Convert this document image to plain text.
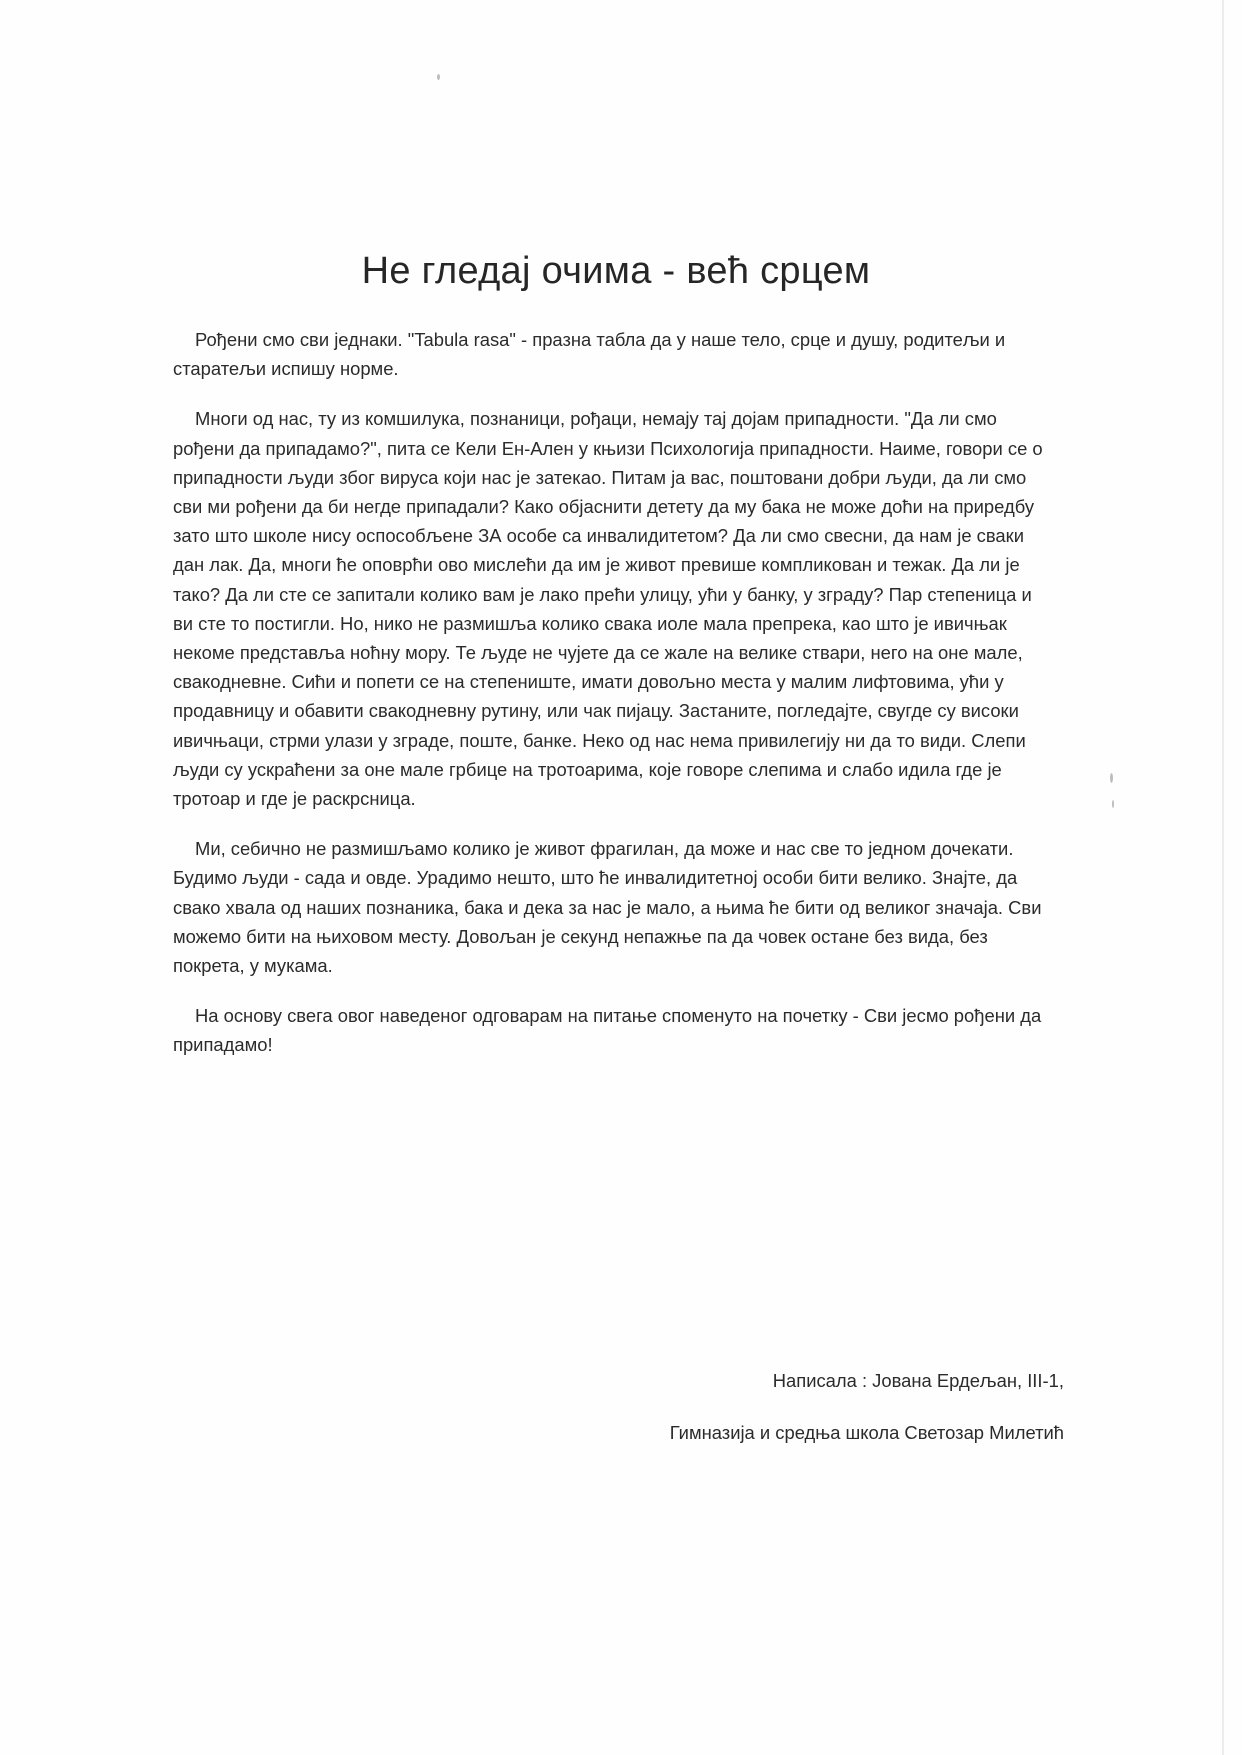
Не гледај очима - већ срцем

Рођени смо сви једнаки. "Tabula rasa" - празна табла да у наше тело, срце и душу, родитељи и старатељи испишу норме.

Многи од нас, ту из комшилука, познаници, рођаци, немају тај дојам припадности. "Да ли смо рођени да припадамо?", пита се Кели Ен-Ален у књизи Психологија припадности. Наиме, говори се о припадности људи због вируса који нас је затекао. Питам ја вас, поштовани добри људи, да ли смо сви ми рођени да би негде припадали? Како објаснити детету да му бака не може доћи на приредбу зато што школе нису оспособљене ЗА особе са инвалидитетом? Да ли смо свесни, да нам је сваки дан лак. Да, многи ће оповрћи ово мислећи да им је живот превише компликован и тежак. Да ли је тако? Да ли сте се запитали колико вам је лако прећи улицу, ући у банку, у зграду? Пар степеница и ви сте то постигли. Но, нико не размишља колико свака иоле мала препрека, као што је ивичњак некоме представља ноћну мору. Те људе не чујете да се жале на велике ствари, него на оне мале, свакодневне. Сићи и попети се на степениште, имати довољно места у малим лифтовима, ући у продавницу и обавити свакодневну рутину, или чак пијацу. Застаните, погледајте, свугде су високи ивичњаци, стрми улази у зграде, поште, банке. Неко од нас нема привилегију ни да то види. Слепи људи су ускраћени за оне мале грбице на тротоарима, које говоре слепима и слабо идила где је тротоар и где је раскрсница.

Ми, себично не размишљамо колико је живот фрагилан, да може и нас све то једном дочекати. Будимо људи - сада и овде. Урадимо нешто, што ће инвалидитетној особи бити велико. Знајте, да свако хвала од наших познаника, бака и дека за нас је мало, а њима ће бити од великог значаја. Сви можемо бити на њиховом месту. Довољан је секунд непажње па да човек остане без вида, без покрета, у мукама.

На основу свега овог наведеног одговарам на питање споменуто на почетку - Сви јесмо рођени да припадамо!

Написала : Јована Ердељан, III-1,

Гимназија и средња школа Светозар Милетић
